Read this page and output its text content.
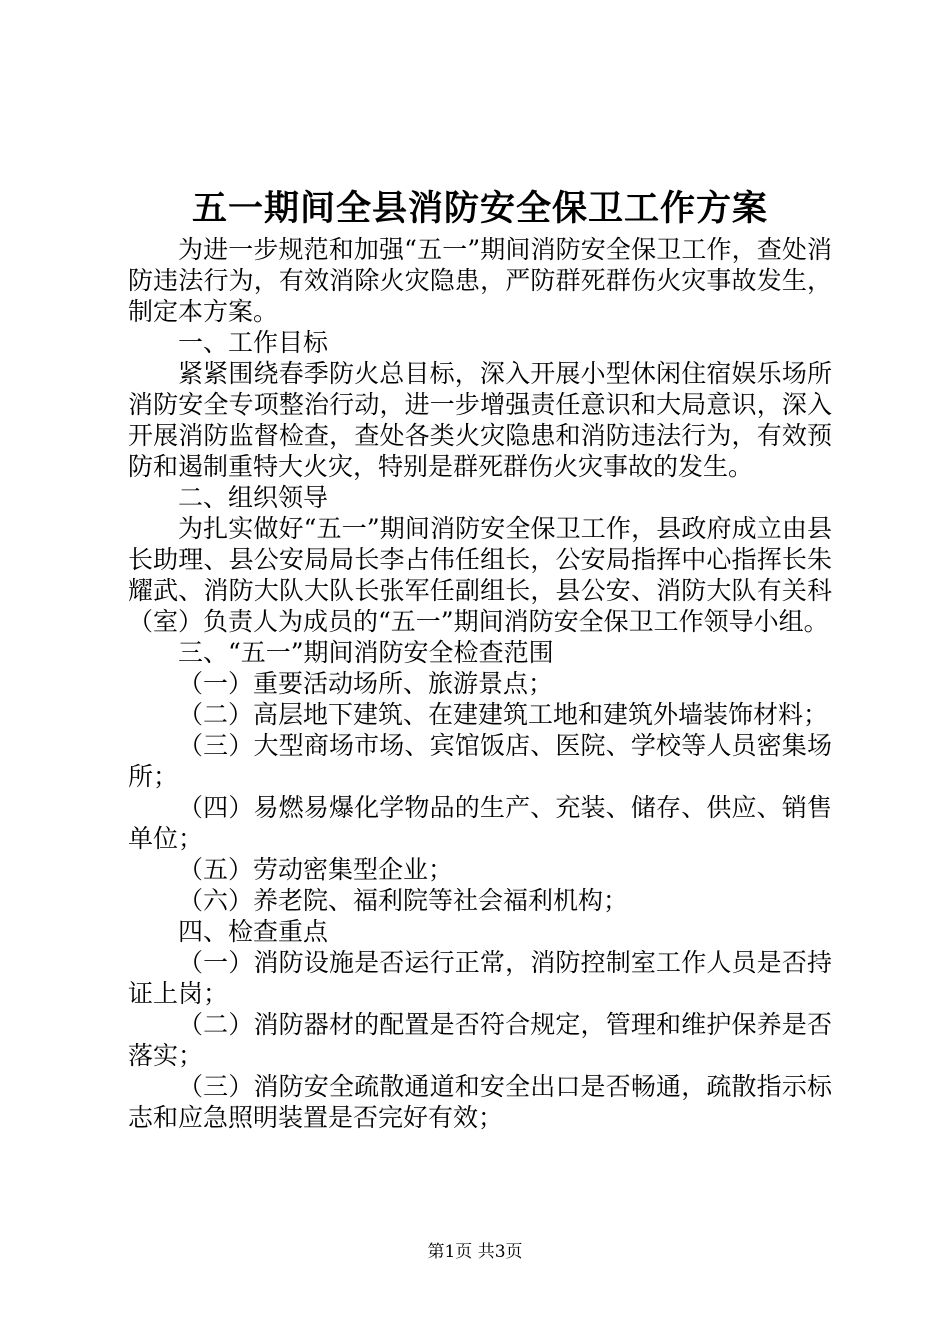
五一期间全县消防安全保卫工作方案

为进一步规范和加强“五一”期间消防安全保卫工作，查处消防违法行为，有效消除火灾隐患，严防群死群伤火灾事故发生，制定本方案。

一、工作目标

紧紧围绕春季防火总目标，深入开展小型休闲住宿娱乐场所消防安全专项整治行动，进一步增强责任意识和大局意识，深入开展消防监督检查，查处各类火灾隐患和消防违法行为，有效预防和遏制重特大火灾，特别是群死群伤火灾事故的发生。

二、组织领导

为扎实做好“五一”期间消防安全保卫工作，县政府成立由县长助理、县公安局局长李占伟任组长，公安局指挥中心指挥长朱耀武、消防大队大队长张军任副组长，县公安、消防大队有关科（室）负责人为成员的“五一”期间消防安全保卫工作领导小组。

三、“五一”期间消防安全检查范围

（一）重要活动场所、旅游景点；

（二）高层地下建筑、在建建筑工地和建筑外墙装饰材料；

（三）大型商场市场、宾馆饭店、医院、学校等人员密集场所；

（四）易燃易爆化学物品的生产、充装、储存、供应、销售单位；

（五）劳动密集型企业；

（六）养老院、福利院等社会福利机构；

四、检查重点

（一）消防设施是否运行正常，消防控制室工作人员是否持证上岗；

（二）消防器材的配置是否符合规定，管理和维护保养是否落实；

（三）消防安全疏散通道和安全出口是否畅通，疏散指示标志和应急照明装置是否完好有效；

第1页 共3页
